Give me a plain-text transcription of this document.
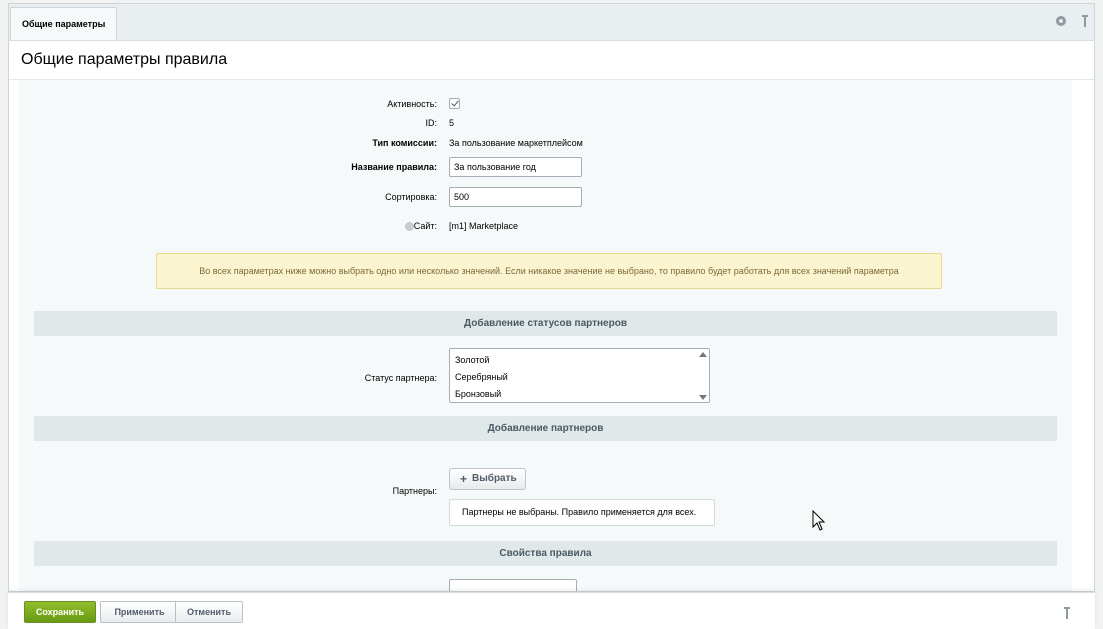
Общие параметры
Общие параметры правила
Активность:
ID: 5
Тип комиссии: За пользование маркетплейсом
Название правила:
За пользование год
Сортировка:
500
Сайт: [m1] Marketplace
Во всех параметрах ниже можно выбрать одно или несколько значений. Если никакое значение не выбрано, то правило будет работать для всех значений параметра
Добавление статусов партнеров
Статус партнера:
Золотой
Серебряный
Бронзовый
Добавление партнеров
Партнеры:
+ Выбрать
Партнеры не выбраны. Правило применяется для всех.
Свойства правила
Сохранить	Применить	Отменить
